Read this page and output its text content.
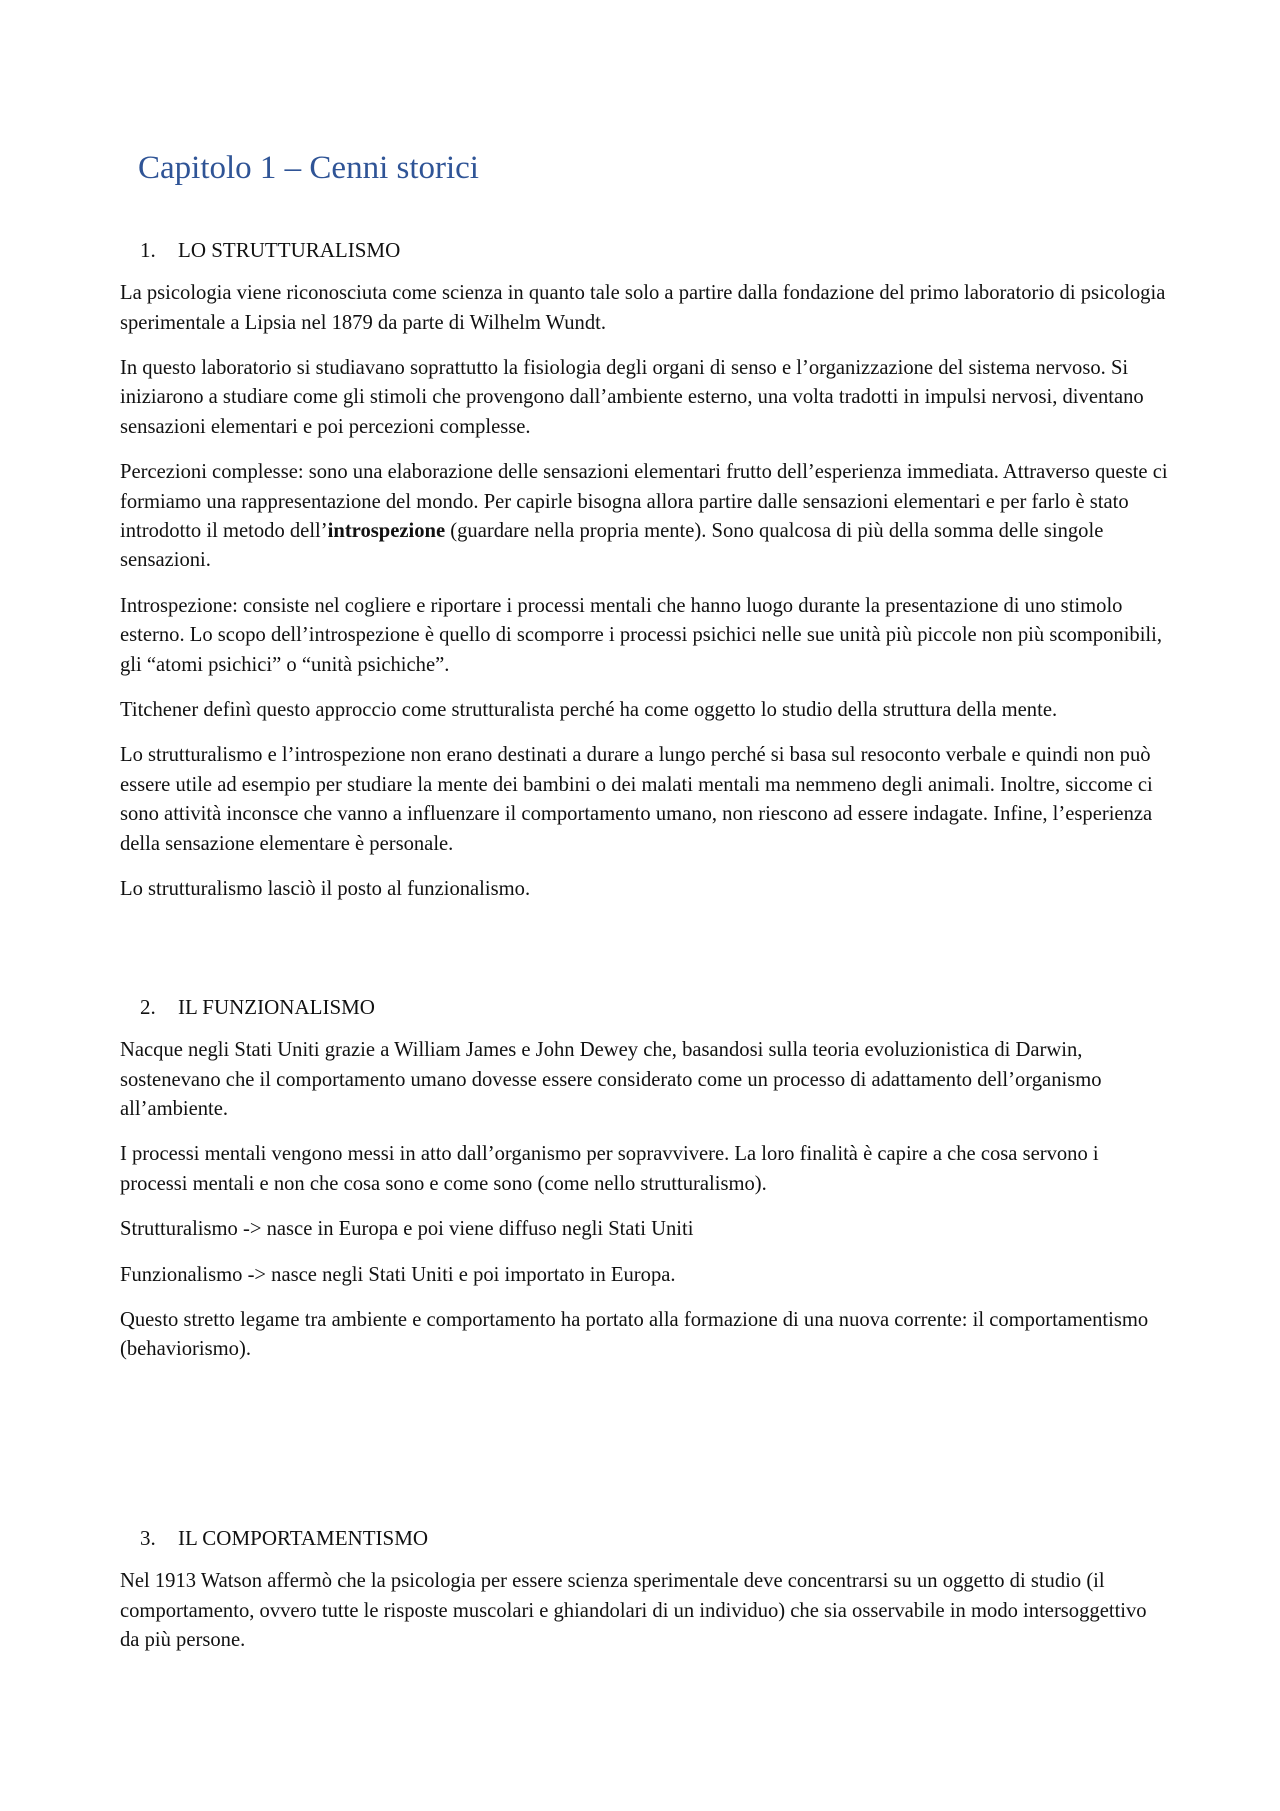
Capitolo 1 – Cenni storici
1. LO STRUTTURALISMO

La psicologia viene riconosciuta come scienza in quanto tale solo a partire dalla fondazione del primo laboratorio di psicologia sperimentale a Lipsia nel 1879 da parte di Wilhelm Wundt.

In questo laboratorio si studiavano soprattutto la fisiologia degli organi di senso e l’organizzazione del sistema nervoso. Si iniziarono a studiare come gli stimoli che provengono dall’ambiente esterno, una volta tradotti in impulsi nervosi, diventano sensazioni elementari e poi percezioni complesse.

Percezioni complesse: sono una elaborazione delle sensazioni elementari frutto dell’esperienza immediata. Attraverso queste ci formiamo una rappresentazione del mondo. Per capirle bisogna allora partire dalle sensazioni elementari e per farlo è stato introdotto il metodo dell’introspezione (guardare nella propria mente). Sono qualcosa di più della somma delle singole sensazioni.

Introspezione: consiste nel cogliere e riportare i processi mentali che hanno luogo durante la presentazione di uno stimolo esterno. Lo scopo dell’introspezione è quello di scomporre i processi psichici nelle sue unità più piccole non più scomponibili, gli “atomi psichici” o “unità psichiche”.

Titchener definì questo approccio come strutturalista perché ha come oggetto lo studio della struttura della mente.

Lo strutturalismo e l’introspezione non erano destinati a durare a lungo perché si basa sul resoconto verbale e quindi non può essere utile ad esempio per studiare la mente dei bambini o dei malati mentali ma nemmeno degli animali. Inoltre, siccome ci sono attività inconsce che vanno a influenzare il comportamento umano, non riescono ad essere indagate. Infine, l’esperienza della sensazione elementare è personale.

Lo strutturalismo lasciò il posto al funzionalismo.

2. IL FUNZIONALISMO

Nacque negli Stati Uniti grazie a William James e John Dewey che, basandosi sulla teoria evoluzionistica di Darwin, sostenevano che il comportamento umano dovesse essere considerato come un processo di adattamento dell’organismo all’ambiente.

I processi mentali vengono messi in atto dall’organismo per sopravvivere. La loro finalità è capire a che cosa servono i processi mentali e non che cosa sono e come sono (come nello strutturalismo).

Strutturalismo -> nasce in Europa e poi viene diffuso negli Stati Uniti

Funzionalismo -> nasce negli Stati Uniti e poi importato in Europa.

Questo stretto legame tra ambiente e comportamento ha portato alla formazione di una nuova corrente: il comportamentismo (behaviorismo).

3. IL COMPORTAMENTISMO

Nel 1913 Watson affermò che la psicologia per essere scienza sperimentale deve concentrarsi su un oggetto di studio (il comportamento, ovvero tutte le risposte muscolari e ghiandolari di un individuo) che sia osservabile in modo intersoggettivo da più persone.
